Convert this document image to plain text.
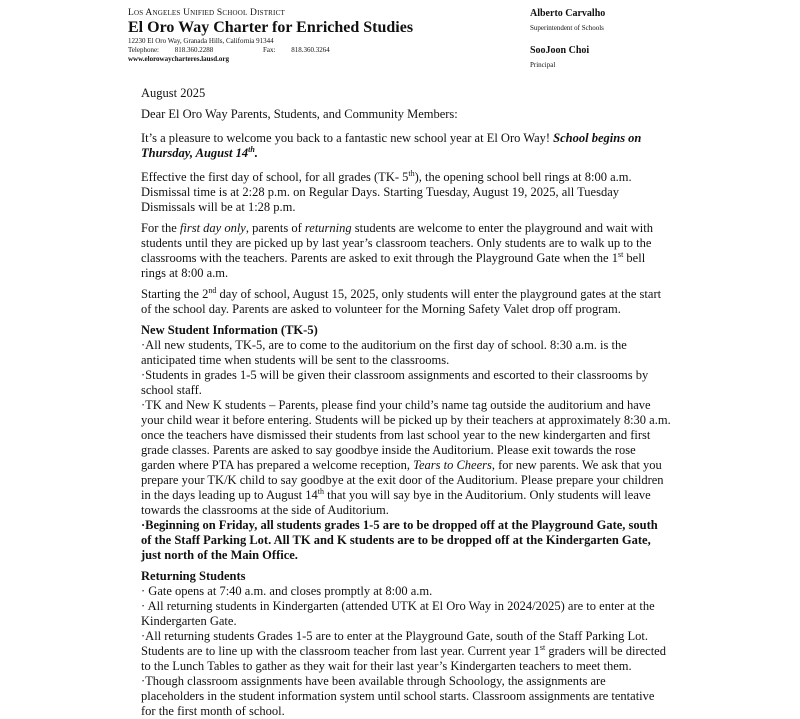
Los Angeles Unified School District
El Oro Way Charter for Enriched Studies
12230 El Oro Way, Granada Hills, California 91344
Telephone: 818.360.2288	Fax: 818.360.3264
www.elorowaycharteres.lausd.org
Alberto Carvalho
Superintendent of Schools
SooJoon Choi
Principal

August 2025

Dear El Oro Way Parents, Students, and Community Members:

It’s a pleasure to welcome you back to a fantastic new school year at El Oro Way! School begins on Thursday, August 14th.

Effective the first day of school, for all grades (TK- 5th), the opening school bell rings at 8:00 a.m. Dismissal time is at 2:28 p.m. on Regular Days. Starting Tuesday, August 19, 2025, all Tuesday Dismissals will be at 1:28 p.m.

For the first day only, parents of returning students are welcome to enter the playground and wait with students until they are picked up by last year’s classroom teachers. Only students are to walk up to the classrooms with the teachers. Parents are asked to exit through the Playground Gate when the 1st bell rings at 8:00 a.m.

Starting the 2nd day of school, August 15, 2025, only students will enter the playground gates at the start of the school day. Parents are asked to volunteer for the Morning Safety Valet drop off program.

New Student Information (TK-5)

·All new students, TK-5, are to come to the auditorium on the first day of school. 8:30 a.m. is the anticipated time when students will be sent to the classrooms.

·Students in grades 1-5 will be given their classroom assignments and escorted to their classrooms by school staff.

·TK and New K students – Parents, please find your child’s name tag outside the auditorium and have your child wear it before entering. Students will be picked up by their teachers at approximately 8:30 a.m. once the teachers have dismissed their students from last school year to the new kindergarten and first grade classes. Parents are asked to say goodbye inside the Auditorium. Please exit towards the rose garden where PTA has prepared a welcome reception, Tears to Cheers, for new parents. We ask that you prepare your TK/K child to say goodbye at the exit door of the Auditorium. Please prepare your children in the days leading up to August 14th that you will say bye in the Auditorium. Only students will leave towards the classrooms at the side of Auditorium.

·Beginning on Friday, all students grades 1-5 are to be dropped off at the Playground Gate, south of the Staff Parking Lot. All TK and K students are to be dropped off at the Kindergarten Gate, just north of the Main Office.

Returning Students

· Gate opens at 7:40 a.m. and closes promptly at 8:00 a.m.

· All returning students in Kindergarten (attended UTK at El Oro Way in 2024/2025) are to enter at the Kindergarten Gate.

·All returning students Grades 1-5 are to enter at the Playground Gate, south of the Staff Parking Lot. Students are to line up with the classroom teacher from last year. Current year 1st graders will be directed to the Lunch Tables to gather as they wait for their last year’s Kindergarten teachers to meet them.

·Though classroom assignments have been available through Schoology, the assignments are placeholders in the student information system until school starts. Classroom assignments are tentative for the first month of school.
